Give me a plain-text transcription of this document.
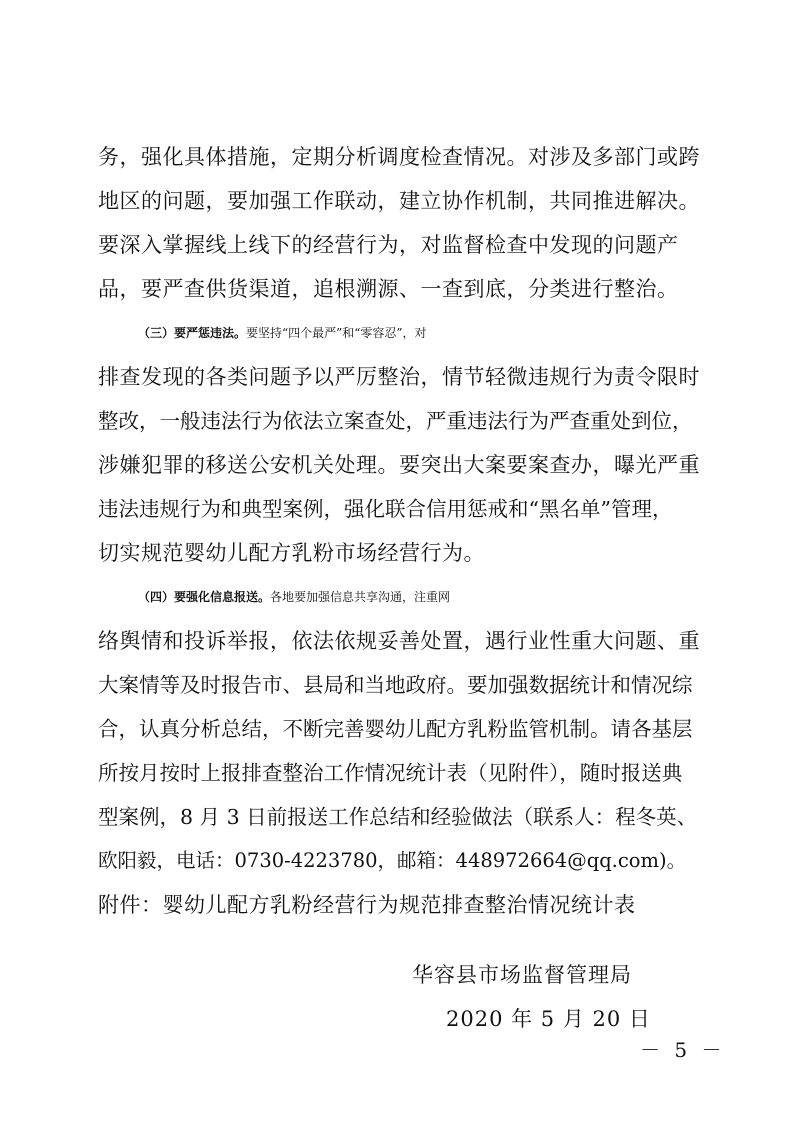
务，强化具体措施，定期分析调度检查情况。对涉及多部门或跨
地区的问题，要加强工作联动，建立协作机制，共同推进解决。
要深入掌握线上线下的经营行为，对监督检查中发现的问题产
品，要严查供货渠道，追根溯源、一查到底，分类进行整治。
（三）要严惩违法。要坚持“四个最严”和“零容忍”，对
排查发现的各类问题予以严厉整治，情节轻微违规行为责令限时
整改，一般违法行为依法立案查处，严重违法行为严查重处到位，
涉嫌犯罪的移送公安机关处理。要突出大案要案查办，曝光严重
违法违规行为和典型案例，强化联合信用惩戒和“黑名单”管理，
切实规范婴幼儿配方乳粉市场经营行为。
（四）要强化信息报送。各地要加强信息共享沟通，注重网
络舆情和投诉举报，依法依规妥善处置，遇行业性重大问题、重
大案情等及时报告市、县局和当地政府。要加强数据统计和情况综
合，认真分析总结，不断完善婴幼儿配方乳粉监管机制。请各基层
所按月按时上报排查整治工作情况统计表（见附件），随时报送典
型案例，8 月 3 日前报送工作总结和经验做法（联系人：程冬英、
欧阳毅，电话：0730-4223780，邮箱：448972664@qq.com)。
附件：婴幼儿配方乳粉经营行为规范排查整治情况统计表
华容县市场监督管理局
2020 年 5 月 20 日
－ 5 －
